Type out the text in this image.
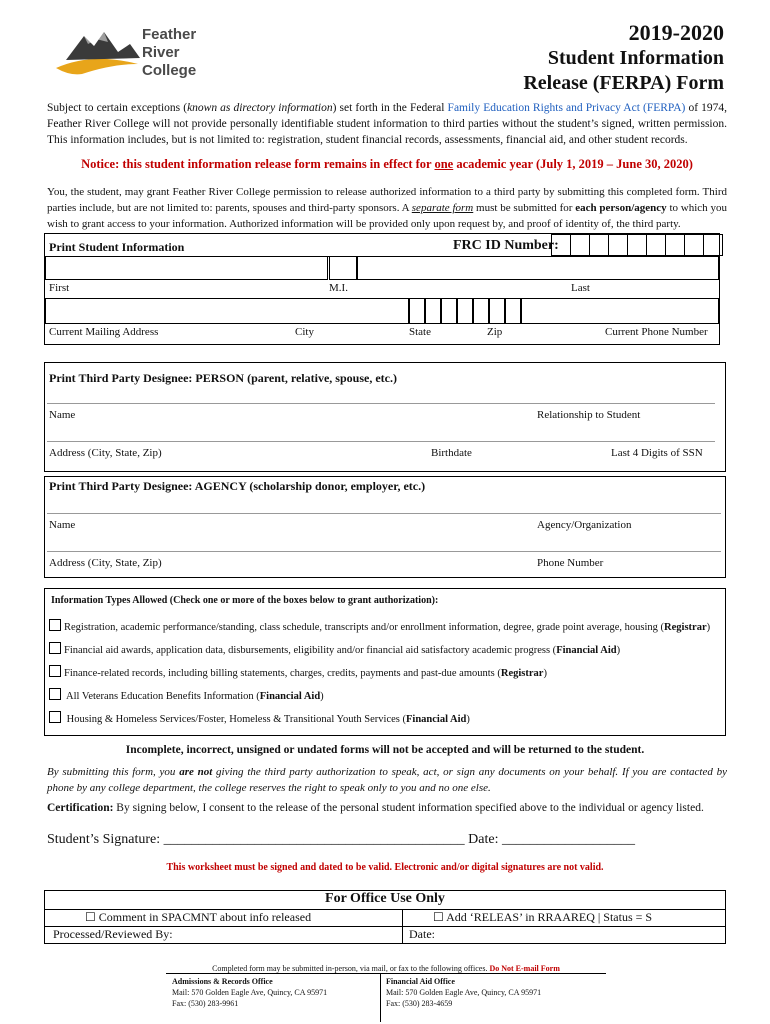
Feather
River
College
2019-2020
Student Information
Release (FERPA) Form
Subject to certain exceptions (known as directory information) set forth in the Federal Family Education Rights and Privacy Act (FERPA) of 1974, Feather River College will not provide personally identifiable student information to third parties without the student’s signed, written permission. This information includes, but is not limited to: registration, student financial records, assessments, financial aid, and other student records.
Notice: this student information release form remains in effect for one academic year (July 1, 2019 – June 30, 2020)
You, the student, may grant Feather River College permission to release authorized information to a third party by submitting this completed form. Third parties include, but are not limited to: parents, spouses and third-party sponsors. A separate form must be submitted for each person/agency to which you wish to grant access to your information. Authorized information will be provided only upon request by, and proof of identity of, the third party.
Print Student Information	FRC ID Number:
First	M.I.	Last
Current Mailing Address	City	State	Zip	Current Phone Number
Print Third Party Designee: PERSON (parent, relative, spouse, etc.)
Name	Relationship to Student
Address (City, State, Zip)	Birthdate	Last 4 Digits of SSN
Print Third Party Designee: AGENCY (scholarship donor, employer, etc.)
Name	Agency/Organization
Address (City, State, Zip)	Phone Number
Information Types Allowed (Check one or more of the boxes below to grant authorization):
Registration, academic performance/standing, class schedule, transcripts and/or enrollment information, degree, grade point average, housing (Registrar)
Financial aid awards, application data, disbursements, eligibility and/or financial aid satisfactory academic progress (Financial Aid)
Finance-related records, including billing statements, charges, credits, payments and past-due amounts (Registrar)
All Veterans Education Benefits Information (Financial Aid)
Housing & Homeless Services/Foster, Homeless & Transitional Youth Services (Financial Aid)
Incomplete, incorrect, unsigned or undated forms will not be accepted and will be returned to the student.
By submitting this form, you are not giving the third party authorization to speak, act, or sign any documents on your behalf. If you are contacted by phone by any college department, the college reserves the right to speak only to you and no one else.
Certification: By signing below, I consent to the release of the personal student information specified above to the individual or agency listed.
Student’s Signature: ___________________________________________ Date: ___________________
This worksheet must be signed and dated to be valid. Electronic and/or digital signatures are not valid.
For Office Use Only
☐ Comment in SPACMNT about info released	☐ Add ‘RELEAS’ in RRAAREQ | Status = S
Processed/Reviewed By:	Date:
Completed form may be submitted in-person, via mail, or fax to the following offices. Do Not E-mail Form
Admissions & Records Office
Mail: 570 Golden Eagle Ave, Quincy, CA 95971
Fax: (530) 283-9961
Financial Aid Office
Mail: 570 Golden Eagle Ave, Quincy, CA 95971
Fax: (530) 283-4659
